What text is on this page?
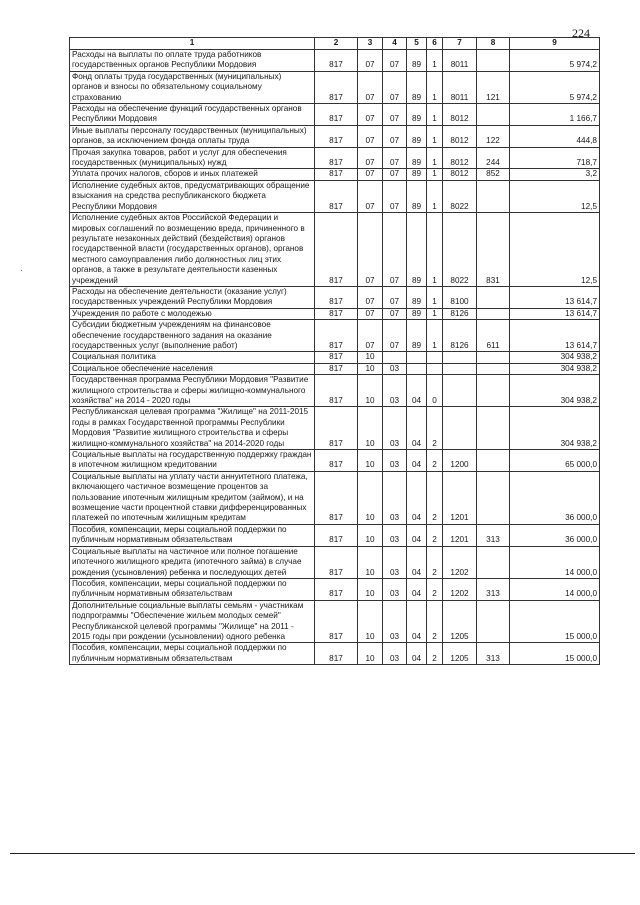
224
·
1	2	3	4	5	6	7	8	9
Расходы на выплаты по оплате труда работников государственных органов Республики Мордовия	817	07	07	89	1	8011		5 974,2
Фонд оплаты труда государственных (муниципальных) органов и взносы по обязательному социальному страхованию	817	07	07	89	1	8011	121	5 974,2
Расходы на обеспечение функций государственных органов Республики Мордовия	817	07	07	89	1	8012		1 166,7
Иные выплаты персоналу государственных (муниципальных) органов, за исключением фонда оплаты труда	817	07	07	89	1	8012	122	444,8
Прочая закупка товаров, работ и услуг для обеспечения государственных (муниципальных) нужд	817	07	07	89	1	8012	244	718,7
Уплата прочих налогов, сборов и иных платежей	817	07	07	89	1	8012	852	3,2
Исполнение судебных актов, предусматривающих обращение взыскания на средства республиканского бюджета Республики Мордовия	817	07	07	89	1	8022		12,5
Исполнение судебных актов Российской Федерации и мировых соглашений по возмещению вреда, причиненного в результате незаконных действий (бездействия) органов государственной власти (государственных органов), органов местного самоуправления либо должностных лиц этих органов, а также в результате деятельности казенных учреждений	817	07	07	89	1	8022	831	12,5
Расходы на обеспечение деятельности (оказание услуг) государственных учреждений Республики Мордовия	817	07	07	89	1	8100		13 614,7
Учреждения по работе с молодежью	817	07	07	89	1	8126		13 614,7
Субсидии бюджетным учреждениям на финансовое обеспечение государственного задания на оказание государственных услуг (выполнение работ)	817	07	07	89	1	8126	611	13 614,7
Социальная политика	817	10						304 938,2
Социальное обеспечение населения	817	10	03					304 938,2
Государственная программа Республики Мордовия "Развитие жилищного строительства и сферы жилищно-коммунального хозяйства" на 2014 - 2020 годы	817	10	03	04	0			304 938,2
Республиканская целевая программа "Жилище" на 2011-2015 годы в рамках Государственной программы Республики Мордовия "Развитие жилищного строительства и сферы жилищно-коммунального хозяйства" на 2014-2020 годы	817	10	03	04	2			304 938,2
Социальные выплаты на государственную поддержку граждан в ипотечном жилищном кредитовании	817	10	03	04	2	1200		65 000,0
Социальные выплаты на уплату части аннуитетного платежа, включающего частичное возмещение процентов за пользование ипотечным жилищным кредитом (займом), и на возмещение части процентной ставки дифференцированных платежей по ипотечным жилищным кредитам	817	10	03	04	2	1201		36 000,0
Пособия, компенсации, меры социальной поддержки по публичным нормативным обязательствам	817	10	03	04	2	1201	313	36 000,0
Социальные выплаты на частичное или полное погашение ипотечного жилищного кредита (ипотечного займа) в случае рождения (усыновления) ребенка и последующих детей	817	10	03	04	2	1202		14 000,0
Пособия, компенсации, меры социальной поддержки по публичным нормативным обязательствам	817	10	03	04	2	1202	313	14 000,0
Дополнительные социальные выплаты семьям - участникам подпрограммы "Обеспечение жильем молодых семей" Республиканской целевой программы "Жилище" на 2011 - 2015 годы при рождении (усыновлении) одного ребенка	817	10	03	04	2	1205		15 000,0
Пособия, компенсации, меры социальной поддержки по публичным нормативным обязательствам	817	10	03	04	2	1205	313	15 000,0
